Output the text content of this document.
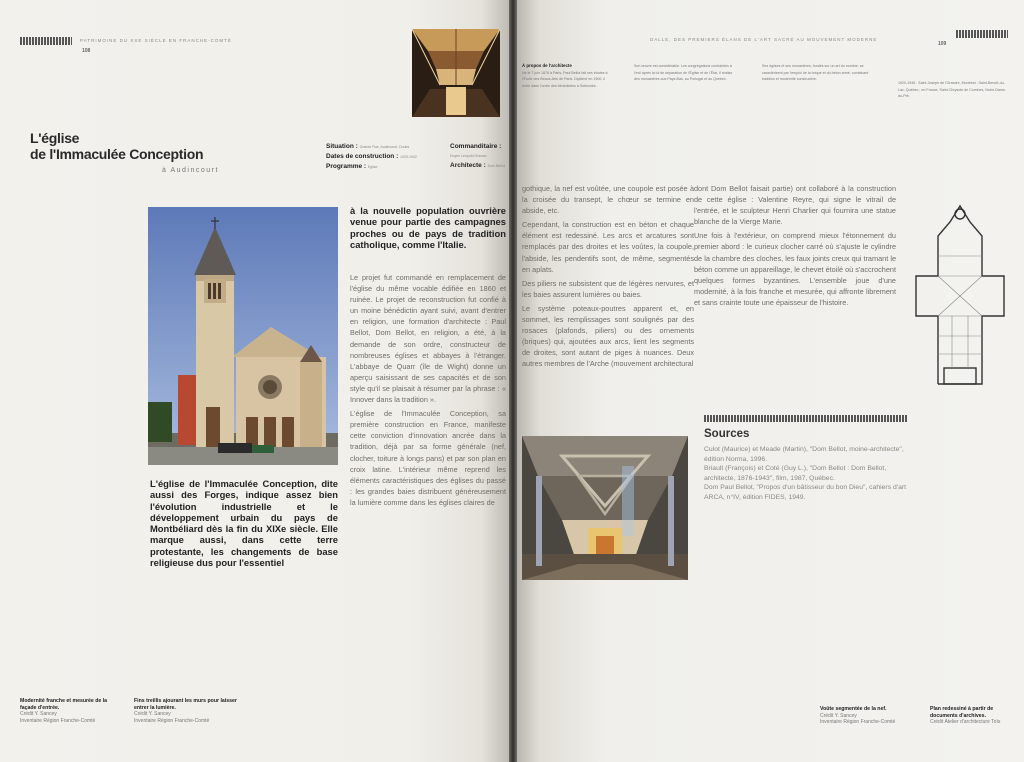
PATRIMOINE DU XXE SIÈCLE EN FRANCHE-COMTÉ
108
L'église
de l'Immaculée Conception
à Audincourt
Situation : Grande Rue, Audincourt, Doubs
Dates de construction : 1929-1932
Programme : Eglise
Commanditaire :
Doyen Léopold Grassin
Architecte : Dom Bellot
L'église de l'Immaculée Conception, dite aussi des Forges, indique assez bien l'évolution industrielle et le développement urbain du pays de Montbéliard dès la fin du XIXe siècle. Elle marque aussi, dans cette terre protestante, les changements de base religieuse dus pour l'essentiel
à la nouvelle population ouvrière venue pour partie des campagnes proches ou de pays de tradition catholique, comme l'Italie.

Le projet fut commandé en remplacement de l'église du même vocable édifiée en 1860 et ruinée. Le projet de reconstruction fut confié à un moine bénédictin ayant suivi, avant d'entrer en religion, une formation d'architecte : Paul Bellot, Dom Bellot, en religion, a été, à la demande de son ordre, constructeur de nombreuses églises et abbayes à l'étranger. L'abbaye de Quarr (île de Wight) donne un aperçu saisissant de ses capacités et de son style qu'il se plaisait à résumer par la phrase : « Innover dans la tradition ».

L'église de l'Immaculée Conception, sa première construction en France, manifeste cette conviction d'innovation ancrée dans la tradition, déjà par sa forme générale (nef, clocher, toiture à longs pans) et par son plan en croix latine. L'intérieur même reprend les éléments caractéristiques des églises du passé : les grandes baies distribuent généreusement la lumière comme dans les églises claires de

Modernité franche et mesurée de la façade d'entrée.
Crédit Y. Sancey
Inventaire Région Franche-Comté
Fins treillis ajourant les murs pour laisser entrer la lumière.
Crédit Y. Sancey
Inventaire Région Franche-Comté
DALLE, DES PREMIERS ÉLANS DE L'ART SACRÉ AU MOUVEMENT MODERNE
109
À propos de l'architecte
Né le 7 juin 1876 à Paris, Paul Bellot fait ses études à l'École des Beaux-Arts de Paris. Diplômé en 1900, il entre dans l'ordre des bénédictins à Solesmes.
Son œuvre est considérable. Les congrégations contraintes à l'exil après la loi de séparation de l'Église et de l'État, il réalise des monastères aux Pays-Bas, au Portugal et au Québec.
Ses églises et ses monastères, fondés sur un art du nombre, se caractérisent par l'emploi de la brique et du béton armé, combinant tradition et modernité constructive.
1920-1945 : Saint-Joseph de l'Oratoire, Montréal ; Saint-Benoît-du-Lac, Québec ; en France, Saint-Chrysole de Comines, Notre-Dame-du-Pré.

gothique, la nef est voûtée, une coupole est posée à la croisée du transept, le chœur se termine en abside, etc.

Cependant, la construction est en béton et chaque élément est redessiné. Les arcs et arcatures sont remplacés par des droites et les voûtes, la coupole, l'abside, les pendentifs sont, de même, segmentés en aplats.

Des piliers ne subsistent que de légères nervures, et les baies assurent lumières ou baies.

Le système poteaux-poutres apparent et, en sommet, les remplissages sont soulignés par des rosaces (plafonds, piliers) ou des ornements (briques) qui, ajoutées aux arcs, lient les segments de droites, sont autant de piges à nuances. Deux autres membres de l'Arche (mouvement architectural

dont Dom Bellot faisait partie) ont collaboré à la construction de cette église : Valentine Reyre, qui signe le vitrail de l'entrée, et le sculpteur Henri Charlier qui fournira une statue blanche de la Vierge Marie.

Une fois à l'extérieur, on comprend mieux l'étonnement du premier abord : le curieux clocher carré où s'ajuste le cylindre de la chambre des cloches, les faux joints creux qui tramant le béton comme un appareillage, le chevet étoilé où s'accrochent quelques formes byzantines. L'ensemble joue d'une modernité, à la fois franche et mesurée, qui affronte librement et sans crainte toute une épaisseur de l'histoire.

Sources
Culot (Maurice) et Meade (Martin), "Dom Bellot, moine-architecte", édition Norma, 1996.
Briault (François) et Coté (Guy L.), "Dom Bellot : Dom Bellot, architecte, 1876-1943", film, 1987, Québec.
Dom Paul Bellot, "Propos d'un bâtisseur du bon Dieu", cahiers d'art ARCA, n°IV, édition FIDES, 1949.
Voûte segmentée de la nef.
Crédit Y. Sancey
Inventaire Région Franche-Comté
Plan redessiné à partir de documents d'archives.
Crédit Atelier d'architecture Toïs
